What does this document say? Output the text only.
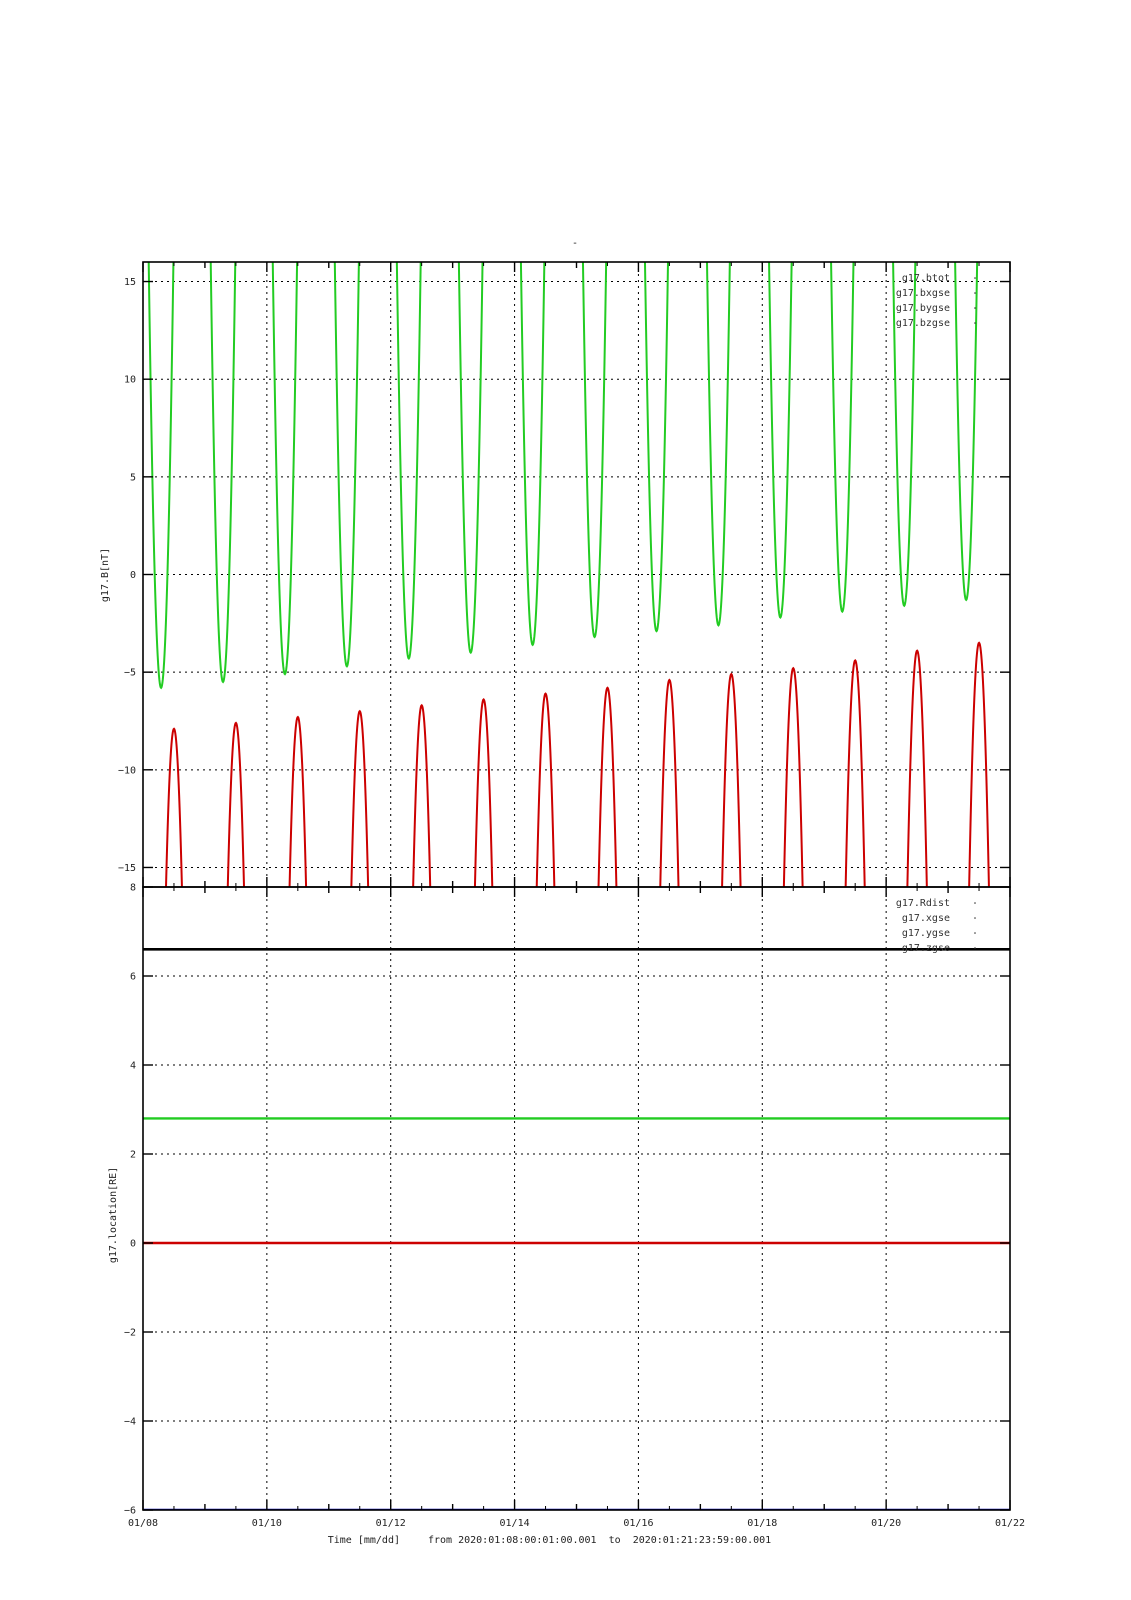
-
−15
−10
−5
0
5
10
15
g17.B[nT]
g17.btot
g17.bxgse
g17.bygse
g17.bzgse
−6
−4
−2
0
2
4
6
8
g17.location[RE]
g17.Rdist
g17.xgse
g17.ygse
g17.zgse
01/08	01/10	01/12	01/14	01/16	01/18	01/20	01/22
Time [mm/dd]	from 2020:01:08:00:01:00.001  to  2020:01:21:23:59:00.001
